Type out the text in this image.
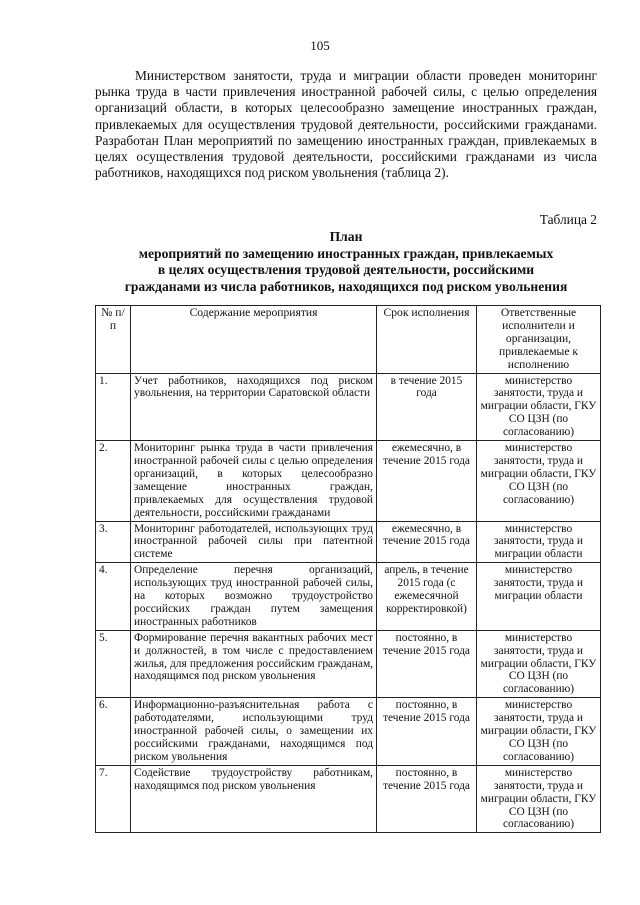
105

Министерством занятости, труда и миграции области проведен мониторинг рынка труда в части привлечения иностранной рабочей силы, с целью определения организаций области, в которых целесообразно замещение иностранных граждан, привлекаемых для осуществления трудовой деятельности, российскими гражданами. Разработан План мероприятий по замещению иностранных граждан, привлекаемых в целях осуществления трудовой деятельности, российскими гражданами из числа работников, находящихся под риском увольнения (таблица 2).

Таблица 2
План
мероприятий по замещению иностранных граждан, привлекаемых
в целях осуществления трудовой деятельности, российскими
гражданами из числа работников, находящихся под риском увольнения
№ п/п	Содержание мероприятия	Срок исполнения	Ответственные исполнители и организации, привлекаемые к исполнению
1.	Учет работников, находящихся под риском увольнения, на территории Саратовской области	в течение 2015 года	министерство занятости, труда и миграции области, ГКУ СО ЦЗН (по согласованию)
2.	Мониторинг рынка труда в части привлечения иностранной рабочей силы с целью определения организаций, в которых целесообразно замещение иностранных граждан, привлекаемых для осуществления трудовой деятельности, российскими гражданами	ежемесячно, в течение 2015 года	министерство занятости, труда и миграции области, ГКУ СО ЦЗН (по согласованию)
3.	Мониторинг работодателей, использующих труд иностранной рабочей силы при патентной системе	ежемесячно, в течение 2015 года	министерство занятости, труда и миграции области
4.	Определение перечня организаций, использующих труд иностранной рабочей силы, на которых возможно трудоустройство российских граждан путем замещения иностранных работников	апрель, в течение 2015 года (с ежемесячной корректировкой)	министерство занятости, труда и миграции области
5.	Формирование перечня вакантных рабочих мест и должностей, в том числе с предоставлением жилья, для предложения российским гражданам, находящимся под риском увольнения	постоянно, в течение 2015 года	министерство занятости, труда и миграции области, ГКУ СО ЦЗН (по согласованию)
6.	Информационно-разъяснительная работа с работодателями, использующими труд иностранной рабочей силы, о замещении их российскими гражданами, находящимся под риском увольнения	постоянно, в течение 2015 года	министерство занятости, труда и миграции области, ГКУ СО ЦЗН (по согласованию)
7.	Содействие трудоустройству работникам, находящимся под риском увольнения	постоянно, в течение 2015 года	министерство занятости, труда и миграции области, ГКУ СО ЦЗН (по согласованию)
